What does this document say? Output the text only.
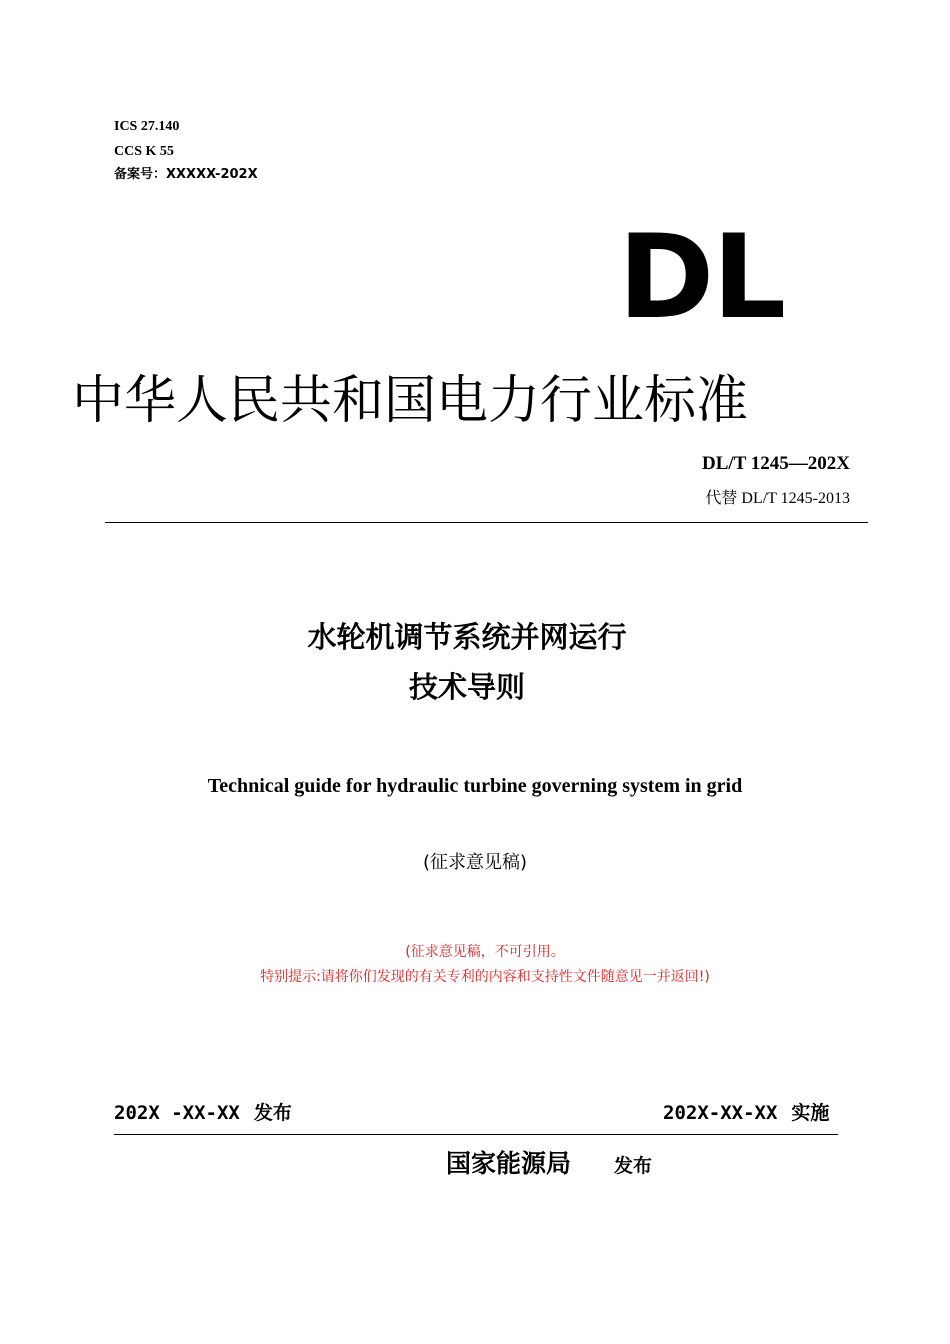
ICS 27.140
CCS K 55
备案号：XXXXX-202X
DL
中华人民共和国电力行业标准
DL/T 1245—202X
代替 DL/T 1245-2013
水轮机调节系统并网运行
技术导则
Technical guide for hydraulic turbine governing system in grid
(征求意见稿)
(征求意见稿，不可引用。
特别提示:请将你们发现的有关专利的内容和支持性文件随意见一并返回!)
202X -XX-XX 发布	202X-XX-XX 实施
国家能源局 发布
